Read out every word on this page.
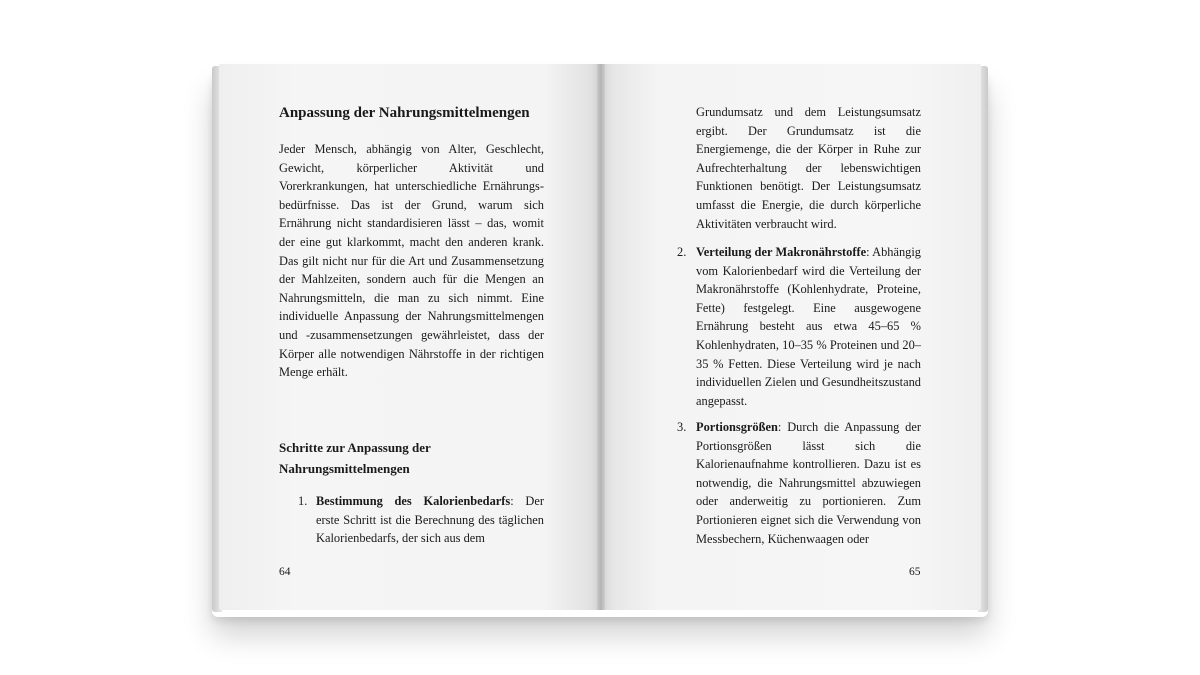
Anpassung der Nahrungsmittelmengen
Jeder Mensch, abhängig von Alter, Geschlecht, Gewicht, körperlicher Aktivität und Vorerkrankungen, hat unterschiedliche Ernährungs-bedürfnisse. Das ist der Grund, warum sich Ernährung nicht standardisieren lässt – das, womit der eine gut klarkommt, macht den anderen krank. Das gilt nicht nur für die Art und Zusammensetzung der Mahlzeiten, sondern auch für die Mengen an Nahrungsmitteln, die man zu sich nimmt. Eine individuelle Anpassung der Nahrungsmittelmengen und -zusammensetzungen gewährleistet, dass der Körper alle notwendigen Nährstoffe in der richtigen Menge erhält.
Schritte zur Anpassung der Nahrungsmittelmengen
1. Bestimmung des Kalorienbedarfs: Der erste Schritt ist die Berechnung des täglichen Kalorienbedarfs, der sich aus dem
64
Grundumsatz und dem Leistungsumsatz ergibt. Der Grundumsatz ist die Energiemenge, die der Körper in Ruhe zur Aufrechterhaltung der lebenswichtigen Funktionen benötigt. Der Leistungsumsatz umfasst die Energie, die durch körperliche Aktivitäten verbraucht wird.
2. Verteilung der Makronährstoffe: Abhängig vom Kalorienbedarf wird die Verteilung der Makronährstoffe (Kohlenhydrate, Proteine, Fette) festgelegt. Eine ausgewogene Ernährung besteht aus etwa 45–65 % Kohlenhydraten, 10–35 % Proteinen und 20–35 % Fetten. Diese Verteilung wird je nach individuellen Zielen und Gesundheitszustand angepasst.
3. Portionsgrößen: Durch die Anpassung der Portionsgrößen lässt sich die Kalorienaufnahme kontrollieren. Dazu ist es notwendig, die Nahrungsmittel abzuwiegen oder anderweitig zu portionieren. Zum Portionieren eignet sich die Verwendung von Messbechern, Küchenwaagen oder
65
